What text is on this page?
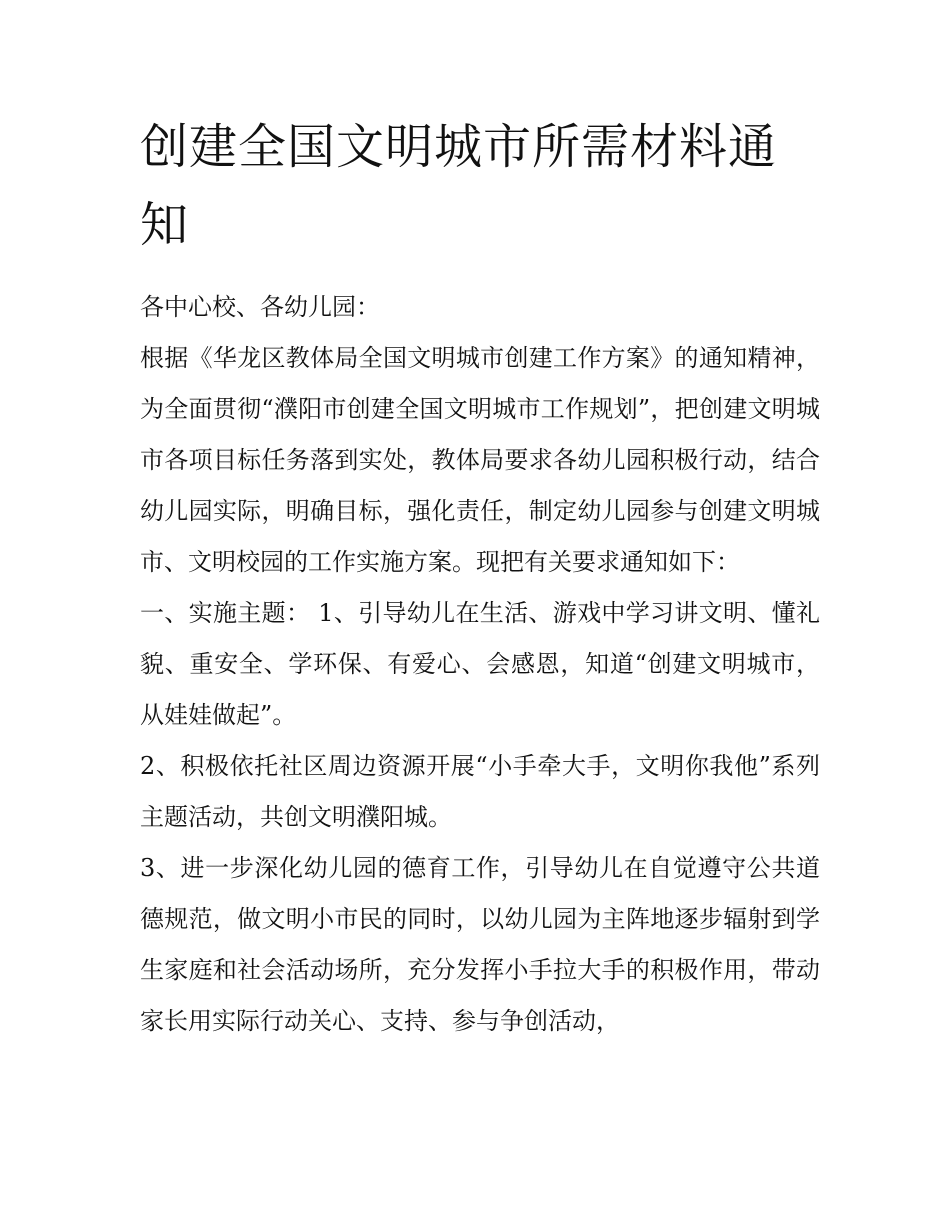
创建全国文明城市所需材料通知

各中心校、各幼儿园：

根据《华龙区教体局全国文明城市创建工作方案》的通知精神，为全面贯彻“濮阳市创建全国文明城市工作规划”，把创建文明城市各项目标任务落到实处，教体局要求各幼儿园积极行动，结合幼儿园实际，明确目标，强化责任，制定幼儿园参与创建文明城市、文明校园的工作实施方案。现把有关要求通知如下：

一、实施主题： 1、引导幼儿在生活、游戏中学习讲文明、懂礼貌、重安全、学环保、有爱心、会感恩，知道“创建文明城市，从娃娃做起”。

2、积极依托社区周边资源开展“小手牵大手，文明你我他”系列主题活动，共创文明濮阳城。

3、进一步深化幼儿园的德育工作，引导幼儿在自觉遵守公共道德规范，做文明小市民的同时，以幼儿园为主阵地逐步辐射到学生家庭和社会活动场所，充分发挥小手拉大手的积极作用，带动家长用实际行动关心、支持、参与争创活动，
